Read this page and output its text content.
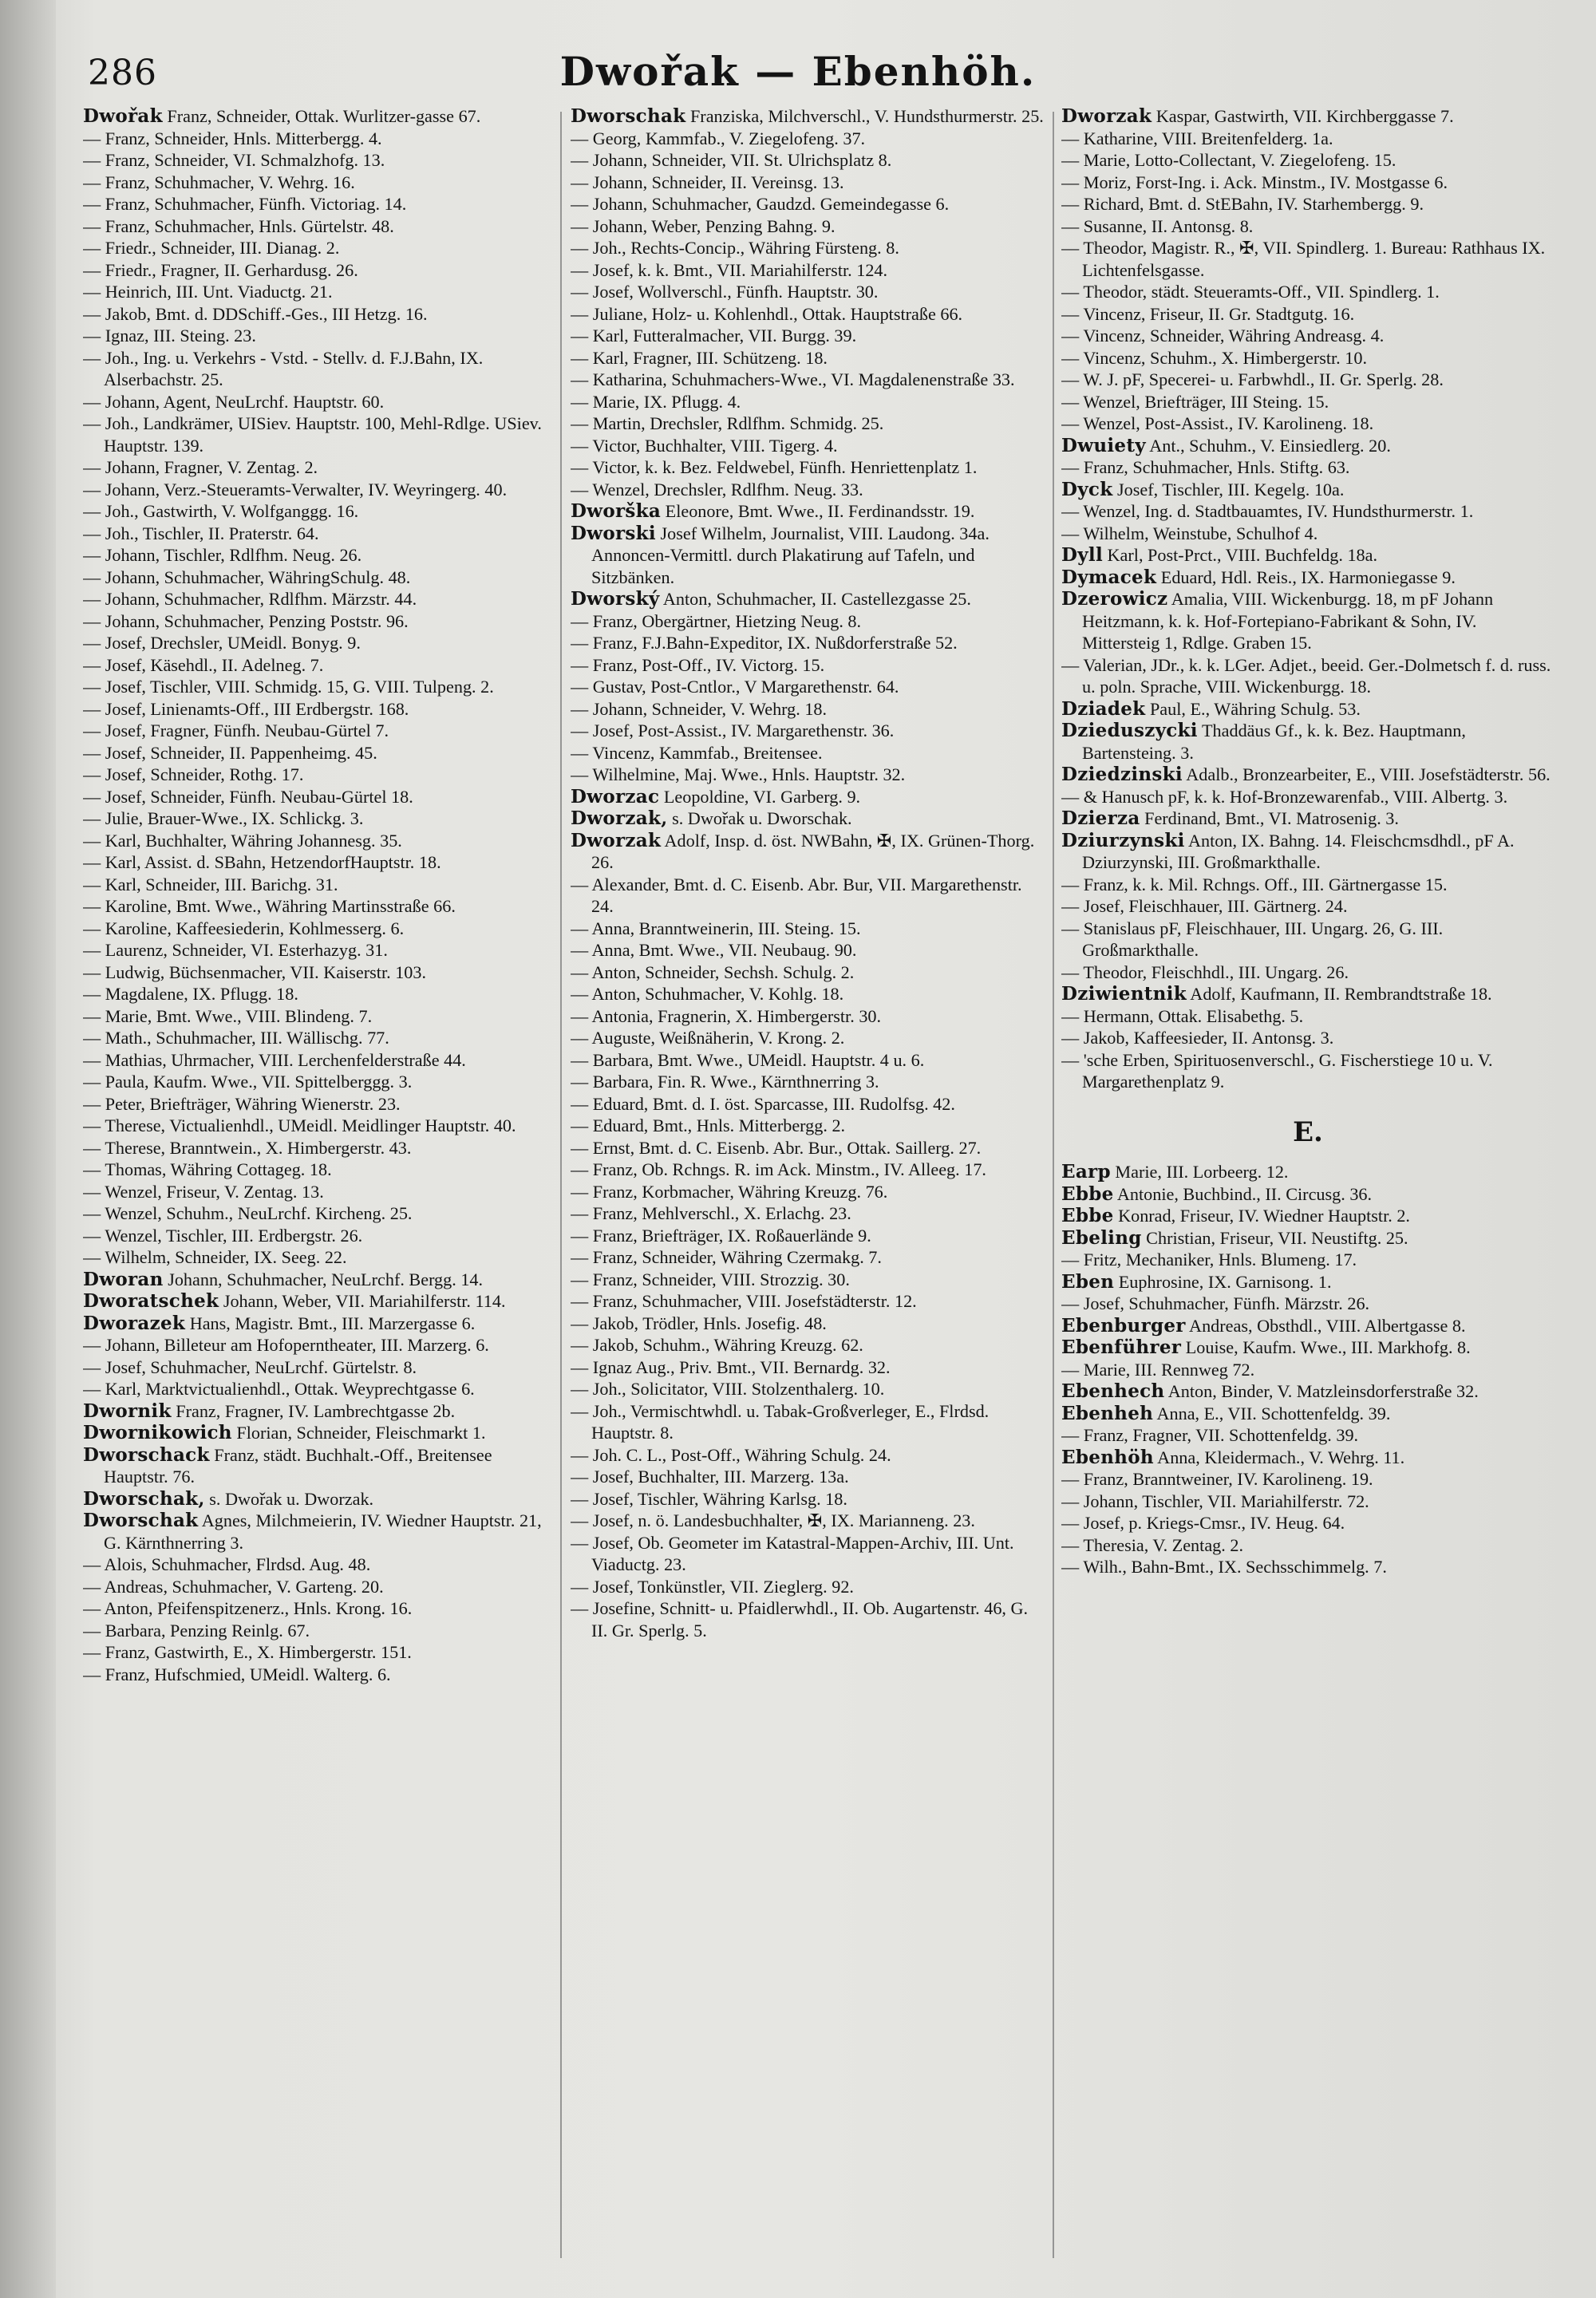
286	Dwořak — Ebenhöh.

Dwořak Franz, Schneider, Ottak. Wurlitzer-gasse 67.

— Franz, Schneider, Hnls. Mitterbergg. 4.

— Franz, Schneider, VI. Schmalzhofg. 13.

— Franz, Schuhmacher, V. Wehrg. 16.

— Franz, Schuhmacher, Fünfh. Victoriag. 14.

— Franz, Schuhmacher, Hnls. Gürtelstr. 48.

— Friedr., Schneider, III. Dianag. 2.

— Friedr., Fragner, II. Gerhardusg. 26.

— Heinrich, III. Unt. Viaductg. 21.

— Jakob, Bmt. d. DDSchiff.-Ges., III Hetzg. 16.

— Ignaz, III. Steing. 23.

— Joh., Ing. u. Verkehrs - Vstd. - Stellv. d. F.J.Bahn, IX. Alserbachstr. 25.

— Johann, Agent, NeuLrchf. Hauptstr. 60.

— Joh., Landkrämer, UISiev. Hauptstr. 100, Mehl-Rdlge. USiev. Hauptstr. 139.

— Johann, Fragner, V. Zentag. 2.

— Johann, Verz.-Steueramts-Verwalter, IV. Weyringerg. 40.

— Joh., Gastwirth, V. Wolfganggg. 16.

— Joh., Tischler, II. Praterstr. 64.

— Johann, Tischler, Rdlfhm. Neug. 26.

— Johann, Schuhmacher, WähringSchulg. 48.

— Johann, Schuhmacher, Rdlfhm. Märzstr. 44.

— Johann, Schuhmacher, Penzing Poststr. 96.

— Josef, Drechsler, UMeidl. Bonyg. 9.

— Josef, Käsehdl., II. Adelneg. 7.

— Josef, Tischler, VIII. Schmidg. 15, G. VIII. Tulpeng. 2.

— Josef, Linienamts-Off., III Erdbergstr. 168.

— Josef, Fragner, Fünfh. Neubau-Gürtel 7.

— Josef, Schneider, II. Pappenheimg. 45.

— Josef, Schneider, Rothg. 17.

— Josef, Schneider, Fünfh. Neubau-Gürtel 18.

— Julie, Brauer-Wwe., IX. Schlickg. 3.

— Karl, Buchhalter, Währing Johannesg. 35.

— Karl, Assist. d. SBahn, HetzendorfHauptstr. 18.

— Karl, Schneider, III. Barichg. 31.

— Karoline, Bmt. Wwe., Währing Martinsstraße 66.

— Karoline, Kaffeesiederin, Kohlmesserg. 6.

— Laurenz, Schneider, VI. Esterhazyg. 31.

— Ludwig, Büchsenmacher, VII. Kaiserstr. 103.

— Magdalene, IX. Pflugg. 18.

— Marie, Bmt. Wwe., VIII. Blindeng. 7.

— Math., Schuhmacher, III. Wällischg. 77.

— Mathias, Uhrmacher, VIII. Lerchenfelderstraße 44.

— Paula, Kaufm. Wwe., VII. Spittelberggg. 3.

— Peter, Briefträger, Währing Wienerstr. 23.

— Therese, Victualienhdl., UMeidl. Meidlinger Hauptstr. 40.

— Therese, Branntwein., X. Himbergerstr. 43.

— Thomas, Währing Cottageg. 18.

— Wenzel, Friseur, V. Zentag. 13.

— Wenzel, Schuhm., NeuLrchf. Kircheng. 25.

— Wenzel, Tischler, III. Erdbergstr. 26.

— Wilhelm, Schneider, IX. Seeg. 22.

Dworan Johann, Schuhmacher, NeuLrchf. Bergg. 14.

Dworatschek Johann, Weber, VII. Mariahilferstr. 114.

Dworazek Hans, Magistr. Bmt., III. Marzergasse 6.

— Johann, Billeteur am Hofoperntheater, III. Marzerg. 6.

— Josef, Schuhmacher, NeuLrchf. Gürtelstr. 8.

— Karl, Marktvictualienhdl., Ottak. Weyprechtgasse 6.

Dwornik Franz, Fragner, IV. Lambrechtgasse 2b.

Dwornikowich Florian, Schneider, Fleischmarkt 1.

Dworschack Franz, städt. Buchhalt.-Off., Breitensee Hauptstr. 76.

Dworschak, s. Dwořak u. Dworzak.

Dworschak Agnes, Milchmeierin, IV. Wiedner Hauptstr. 21, G. Kärnthnerring 3.

— Alois, Schuhmacher, Flrdsd. Aug. 48.

— Andreas, Schuhmacher, V. Garteng. 20.

— Anton, Pfeifenspitzenerz., Hnls. Krong. 16.

— Barbara, Penzing Reinlg. 67.

— Franz, Gastwirth, E., X. Himbergerstr. 151.

— Franz, Hufschmied, UMeidl. Walterg. 6.

Dworschak Franziska, Milchverschl., V. Hundsthurmerstr. 25.

— Georg, Kammfab., V. Ziegelofeng. 37.

— Johann, Schneider, VII. St. Ulrichsplatz 8.

— Johann, Schneider, II. Vereinsg. 13.

— Johann, Schuhmacher, Gaudzd. Gemeindegasse 6.

— Johann, Weber, Penzing Bahng. 9.

— Joh., Rechts-Concip., Währing Fürsteng. 8.

— Josef, k. k. Bmt., VII. Mariahilferstr. 124.

— Josef, Wollverschl., Fünfh. Hauptstr. 30.

— Juliane, Holz- u. Kohlenhdl., Ottak. Hauptstraße 66.

— Karl, Futteralmacher, VII. Burgg. 39.

— Karl, Fragner, III. Schützeng. 18.

— Katharina, Schuhmachers-Wwe., VI. Magdalenenstraße 33.

— Marie, IX. Pflugg. 4.

— Martin, Drechsler, Rdlfhm. Schmidg. 25.

— Victor, Buchhalter, VIII. Tigerg. 4.

— Victor, k. k. Bez. Feldwebel, Fünfh. Henriettenplatz 1.

— Wenzel, Drechsler, Rdlfhm. Neug. 33.

Dworška Eleonore, Bmt. Wwe., II. Ferdinandsstr. 19.

Dworski Josef Wilhelm, Journalist, VIII. Laudong. 34a. Annoncen-Vermittl. durch Plakatirung auf Tafeln, und Sitzbänken.

Dworský Anton, Schuhmacher, II. Castellezgasse 25.

— Franz, Obergärtner, Hietzing Neug. 8.

— Franz, F.J.Bahn-Expeditor, IX. Nußdorferstraße 52.

— Franz, Post-Off., IV. Victorg. 15.

— Gustav, Post-Cntlor., V Margarethenstr. 64.

— Johann, Schneider, V. Wehrg. 18.

— Josef, Post-Assist., IV. Margarethenstr. 36.

— Vincenz, Kammfab., Breitensee.

— Wilhelmine, Maj. Wwe., Hnls. Hauptstr. 32.

Dworzac Leopoldine, VI. Garberg. 9.

Dworzak, s. Dwořak u. Dworschak.

Dworzak Adolf, Insp. d. öst. NWBahn, ✠, IX. Grünen-Thorg. 26.

— Alexander, Bmt. d. C. Eisenb. Abr. Bur, VII. Margarethenstr. 24.

— Anna, Branntweinerin, III. Steing. 15.

— Anna, Bmt. Wwe., VII. Neubaug. 90.

— Anton, Schneider, Sechsh. Schulg. 2.

— Anton, Schuhmacher, V. Kohlg. 18.

— Antonia, Fragnerin, X. Himbergerstr. 30.

— Auguste, Weißnäherin, V. Krong. 2.

— Barbara, Bmt. Wwe., UMeidl. Hauptstr. 4 u. 6.

— Barbara, Fin. R. Wwe., Kärnthnerring 3.

— Eduard, Bmt. d. I. öst. Sparcasse, III. Rudolfsg. 42.

— Eduard, Bmt., Hnls. Mitterbergg. 2.

— Ernst, Bmt. d. C. Eisenb. Abr. Bur., Ottak. Saillerg. 27.

— Franz, Ob. Rchngs. R. im Ack. Minstm., IV. Alleeg. 17.

— Franz, Korbmacher, Währing Kreuzg. 76.

— Franz, Mehlverschl., X. Erlachg. 23.

— Franz, Briefträger, IX. Roßauerlände 9.

— Franz, Schneider, Währing Czermakg. 7.

— Franz, Schneider, VIII. Strozzig. 30.

— Franz, Schuhmacher, VIII. Josefstädterstr. 12.

— Jakob, Trödler, Hnls. Josefig. 48.

— Jakob, Schuhm., Währing Kreuzg. 62.

— Ignaz Aug., Priv. Bmt., VII. Bernardg. 32.

— Joh., Solicitator, VIII. Stolzenthalerg. 10.

— Joh., Vermischtwhdl. u. Tabak-Großverleger, E., Flrdsd. Hauptstr. 8.

— Joh. C. L., Post-Off., Währing Schulg. 24.

— Josef, Buchhalter, III. Marzerg. 13a.

— Josef, Tischler, Währing Karlsg. 18.

— Josef, n. ö. Landesbuchhalter, ✠, IX. Marianneng. 23.

— Josef, Ob. Geometer im Katastral-Mappen-Archiv, III. Unt. Viaductg. 23.

— Josef, Tonkünstler, VII. Zieglerg. 92.

— Josefine, Schnitt- u. Pfaidlerwhdl., II. Ob. Augartenstr. 46, G. II. Gr. Sperlg. 5.

Dworzak Kaspar, Gastwirth, VII. Kirchberggasse 7.

— Katharine, VIII. Breitenfelderg. 1a.

— Marie, Lotto-Collectant, V. Ziegelofeng. 15.

— Moriz, Forst-Ing. i. Ack. Minstm., IV. Mostgasse 6.

— Richard, Bmt. d. StEBahn, IV. Starhembergg. 9.

— Susanne, II. Antonsg. 8.

— Theodor, Magistr. R., ✠, VII. Spindlerg. 1. Bureau: Rathhaus IX. Lichtenfelsgasse.

— Theodor, städt. Steueramts-Off., VII. Spindlerg. 1.

— Vincenz, Friseur, II. Gr. Stadtgutg. 16.

— Vincenz, Schneider, Währing Andreasg. 4.

— Vincenz, Schuhm., X. Himbergerstr. 10.

— W. J. pF, Specerei- u. Farbwhdl., II. Gr. Sperlg. 28.

— Wenzel, Briefträger, III Steing. 15.

— Wenzel, Post-Assist., IV. Karolineng. 18.

Dwuiety Ant., Schuhm., V. Einsiedlerg. 20.

— Franz, Schuhmacher, Hnls. Stiftg. 63.

Dyck Josef, Tischler, III. Kegelg. 10a.

— Wenzel, Ing. d. Stadtbauamtes, IV. Hundsthurmerstr. 1.

— Wilhelm, Weinstube, Schulhof 4.

Dyll Karl, Post-Prct., VIII. Buchfeldg. 18a.

Dymacek Eduard, Hdl. Reis., IX. Harmoniegasse 9.

Dzerowicz Amalia, VIII. Wickenburgg. 18, m pF Johann Heitzmann, k. k. Hof-Fortepiano-Fabrikant & Sohn, IV. Mittersteig 1, Rdlge. Graben 15.

— Valerian, JDr., k. k. LGer. Adjet., beeid. Ger.-Dolmetsch f. d. russ. u. poln. Sprache, VIII. Wickenburgg. 18.

Dziadek Paul, E., Währing Schulg. 53.

Dzieduszycki Thaddäus Gf., k. k. Bez. Hauptmann, Bartensteing. 3.

Dziedzinski Adalb., Bronzearbeiter, E., VIII. Josefstädterstr. 56.

— & Hanusch pF, k. k. Hof-Bronzewarenfab., VIII. Albertg. 3.

Dzierza Ferdinand, Bmt., VI. Matrosenig. 3.

Dziurzynski Anton, IX. Bahng. 14. Fleischcmsdhdl., pF A. Dziurzynski, III. Großmarkthalle.

— Franz, k. k. Mil. Rchngs. Off., III. Gärtnergasse 15.

— Josef, Fleischhauer, III. Gärtnerg. 24.

— Stanislaus pF, Fleischhauer, III. Ungarg. 26, G. III. Großmarkthalle.

— Theodor, Fleischhdl., III. Ungarg. 26.

Dziwientnik Adolf, Kaufmann, II. Rembrandtstraße 18.

— Hermann, Ottak. Elisabethg. 5.

— Jakob, Kaffeesieder, II. Antonsg. 3.

— 'sche Erben, Spirituosenverschl., G. Fischerstiege 10 u. V. Margarethenplatz 9.

E.

Earp Marie, III. Lorbeerg. 12.

Ebbe Antonie, Buchbind., II. Circusg. 36.

Ebbe Konrad, Friseur, IV. Wiedner Hauptstr. 2.

Ebeling Christian, Friseur, VII. Neustiftg. 25.

— Fritz, Mechaniker, Hnls. Blumeng. 17.

Eben Euphrosine, IX. Garnisong. 1.

— Josef, Schuhmacher, Fünfh. Märzstr. 26.

Ebenburger Andreas, Obsthdl., VIII. Albertgasse 8.

Ebenführer Louise, Kaufm. Wwe., III. Markhofg. 8.

— Marie, III. Rennweg 72.

Ebenhech Anton, Binder, V. Matzleinsdorferstraße 32.

Ebenheh Anna, E., VII. Schottenfeldg. 39.

— Franz, Fragner, VII. Schottenfeldg. 39.

Ebenhöh Anna, Kleidermach., V. Wehrg. 11.

— Franz, Branntweiner, IV. Karolineng. 19.

— Johann, Tischler, VII. Mariahilferstr. 72.

— Josef, p. Kriegs-Cmsr., IV. Heug. 64.

— Theresia, V. Zentag. 2.

— Wilh., Bahn-Bmt., IX. Sechsschimmelg. 7.
